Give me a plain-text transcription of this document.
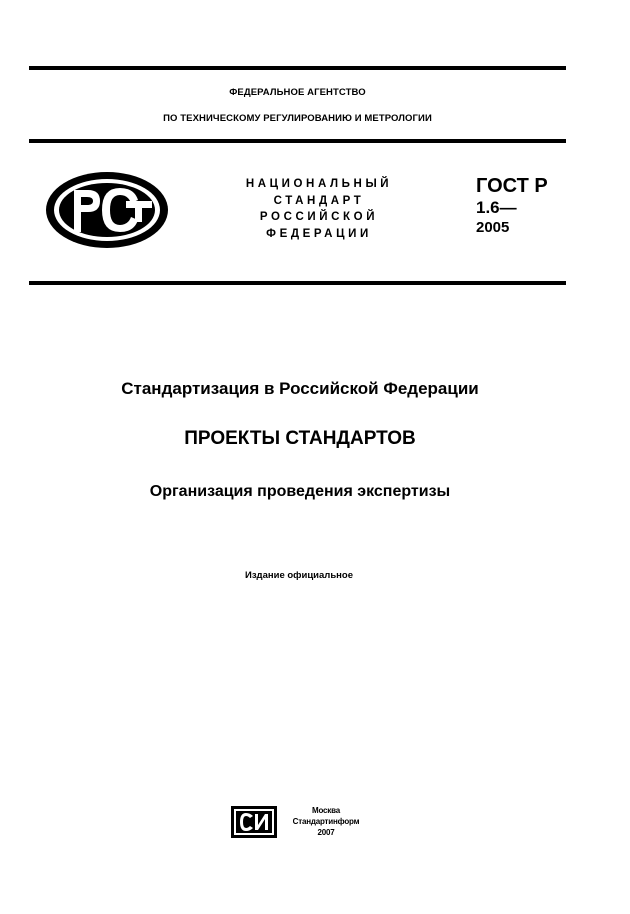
ФЕДЕРАЛЬНОЕ АГЕНТСТВО
ПО ТЕХНИЧЕСКОМУ РЕГУЛИРОВАНИЮ И МЕТРОЛОГИИ
НАЦИОНАЛЬНЫЙ
СТАНДАРТ
РОССИЙСКОЙ
ФЕДЕРАЦИИ
ГОСТ Р
1.6—
2005
Стандартизация в Российской Федерации
ПРОЕКТЫ СТАНДАРТОВ
Организация проведения экспертизы
Издание официальное
Москва
Стандартинформ
2007
